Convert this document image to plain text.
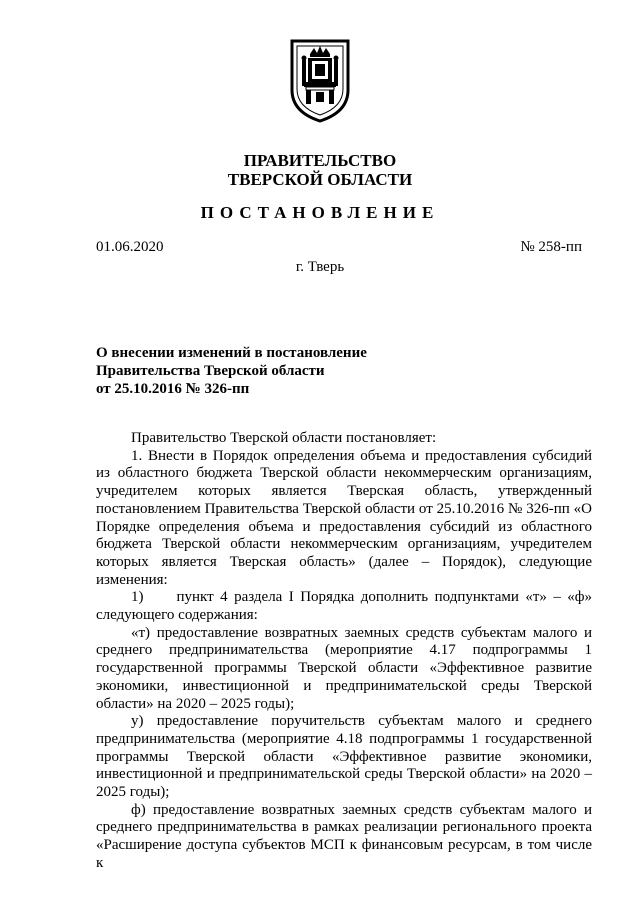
ПРАВИТЕЛЬСТВО
ТВЕРСКОЙ ОБЛАСТИ
ПОСТАНОВЛЕНИЕ
01.06.2020	№ 258-пп
г. Тверь
О внесении изменений в постановление
Правительства Тверской области
от 25.10.2016 № 326-пп

Правительство Тверской области постановляет:

1. Внести в Порядок определения объема и предоставления субсидий из областного бюджета Тверской области некоммерческим организациям, учредителем которых является Тверская область, утвержденный постановлением Правительства Тверской области от 25.10.2016 № 326-пп «О Порядке определения объема и предоставления субсидий из областного бюджета Тверской области некоммерческим организациям, учредителем которых является Тверская область» (далее – Порядок), следующие изменения:

1) пункт 4 раздела I Порядка дополнить подпунктами «т» – «ф» следующего содержания:

«т) предоставление возвратных заемных средств субъектам малого и среднего предпринимательства (мероприятие 4.17 подпрограммы 1 государственной программы Тверской области «Эффективное развитие экономики, инвестиционной и предпринимательской среды Тверской области» на 2020 – 2025 годы);

у) предоставление поручительств субъектам малого и среднего предпринимательства (мероприятие 4.18 подпрограммы 1 государственной программы Тверской области «Эффективное развитие экономики, инвестиционной и предпринимательской среды Тверской области» на 2020 – 2025 годы);

ф) предоставление возвратных заемных средств субъектам малого и среднего предпринимательства в рамках реализации регионального проекта «Расширение доступа субъектов МСП к финансовым ресурсам, в том числе к
